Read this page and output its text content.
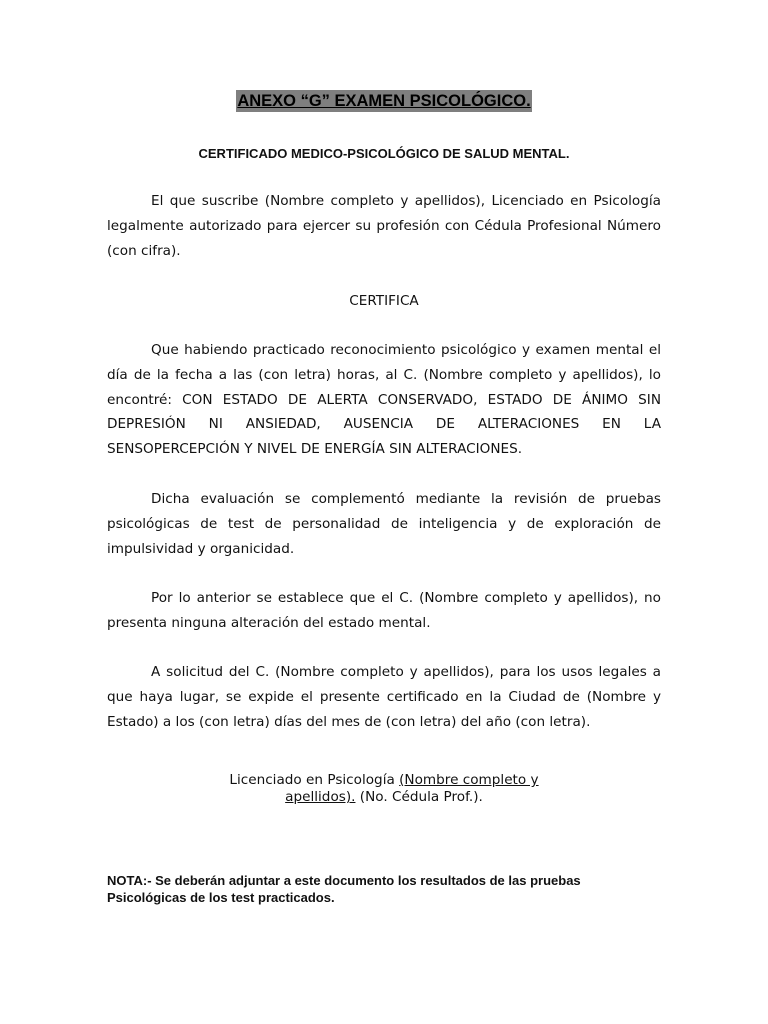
ANEXO “G” EXAMEN PSICOLÓGICO.
CERTIFICADO MEDICO-PSICOLÓGICO DE SALUD MENTAL.

El que suscribe (Nombre completo y apellidos), Licenciado en Psicología legalmente autorizado para ejercer su profesión con Cédula Profesional Número (con cifra).

CERTIFICA

Que habiendo practicado reconocimiento psicológico y examen mental el día de la fecha a las (con letra) horas, al C. (Nombre completo y apellidos), lo encontré: CON ESTADO DE ALERTA CONSERVADO, ESTADO DE ÁNIMO SIN DEPRESIÓN NI ANSIEDAD, AUSENCIA DE ALTERACIONES EN LA SENSOPERCEPCIÓN Y NIVEL DE ENERGÍA SIN ALTERACIONES.

Dicha evaluación se complementó mediante la revisión de pruebas psicológicas de test de personalidad de inteligencia y de exploración de impulsividad y organicidad.

Por lo anterior se establece que el C. (Nombre completo y apellidos), no presenta ninguna alteración del estado mental.

A solicitud del C. (Nombre completo y apellidos), para los usos legales a que haya lugar, se expide el presente certificado en la Ciudad de (Nombre y Estado) a los (con letra) días del mes de (con letra) del año (con letra).

Licenciado en Psicología (Nombre completo y apellidos). (No. Cédula Prof.).
NOTA:- Se deberán adjuntar a este documento los resultados de las pruebas Psicológicas de los test practicados.
